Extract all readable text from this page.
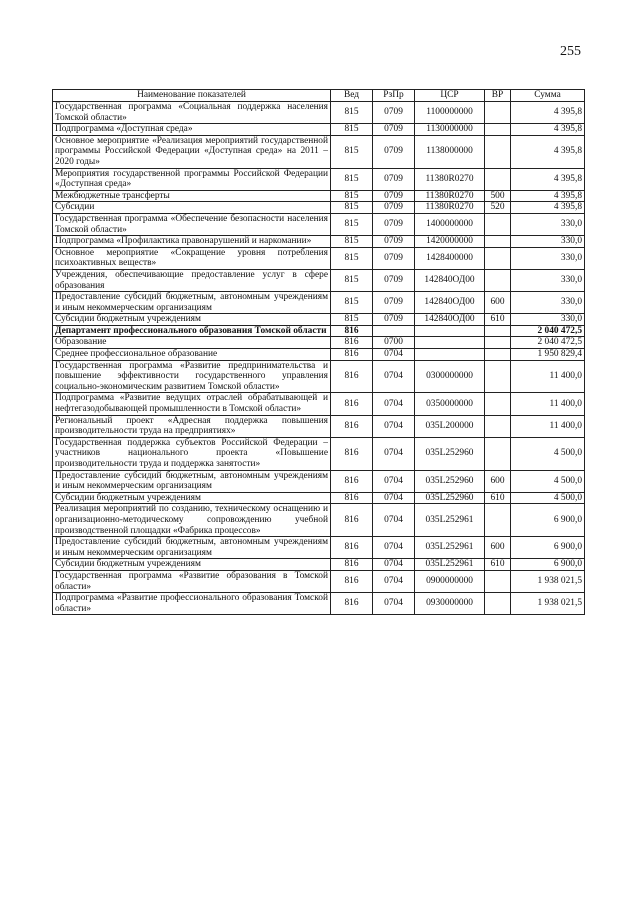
255
Наименование показателей	Вед	РзПр	ЦСР	ВР	Сумма
Государственная программа «Социальная поддержка населения Томской области»	815	0709	1100000000		4 395,8
Подпрограмма «Доступная среда»	815	0709	1130000000		4 395,8
Основное мероприятие «Реализация мероприятий государственной программы Российской Федерации «Доступная среда» на 2011 – 2020 годы»	815	0709	1138000000		4 395,8
Мероприятия государственной программы Российской Федерации «Доступная среда»	815	0709	11380R0270		4 395,8
Межбюджетные трансферты	815	0709	11380R0270	500	4 395,8
Субсидии	815	0709	11380R0270	520	4 395,8
Государственная программа «Обеспечение безопасности населения Томской области»	815	0709	1400000000		330,0
Подпрограмма «Профилактика правонарушений и наркомании»	815	0709	1420000000		330,0
Основное мероприятие «Сокращение уровня потребления психоактивных веществ»	815	0709	1428400000		330,0
Учреждения, обеспечивающие предоставление услуг в сфере образования	815	0709	142840ОД00		330,0
Предоставление субсидий бюджетным, автономным учреждениям и иным некоммерческим организациям	815	0709	142840ОД00	600	330,0
Субсидии бюджетным учреждениям	815	0709	142840ОД00	610	330,0
Департамент профессионального образования Томской области	816				2 040 472,5
Образование	816	0700			2 040 472,5
Среднее профессиональное образование	816	0704			1 950 829,4
Государственная программа «Развитие предпринимательства и повышение эффективности государственного управления социально-экономическим развитием Томской области»	816	0704	0300000000		11 400,0
Подпрограмма «Развитие ведущих отраслей обрабатывающей и нефтегазодобывающей промышленности в Томской области»	816	0704	0350000000		11 400,0
Региональный проект «Адресная поддержка повышения производительности труда на предприятиях»	816	0704	035L200000		11 400,0
Государственная поддержка субъектов Российской Федерации – участников национального проекта «Повышение производительности труда и поддержка занятости»	816	0704	035L252960		4 500,0
Предоставление субсидий бюджетным, автономным учреждениям и иным некоммерческим организациям	816	0704	035L252960	600	4 500,0
Субсидии бюджетным учреждениям	816	0704	035L252960	610	4 500,0
Реализация мероприятий по созданию, техническому оснащению и организационно-методическому сопровождению учебной производственной площадки «Фабрика процессов»	816	0704	035L252961		6 900,0
Предоставление субсидий бюджетным, автономным учреждениям и иным некоммерческим организациям	816	0704	035L252961	600	6 900,0
Субсидии бюджетным учреждениям	816	0704	035L252961	610	6 900,0
Государственная программа «Развитие образования в Томской области»	816	0704	0900000000		1 938 021,5
Подпрограмма «Развитие профессионального образования Томской области»	816	0704	0930000000		1 938 021,5
